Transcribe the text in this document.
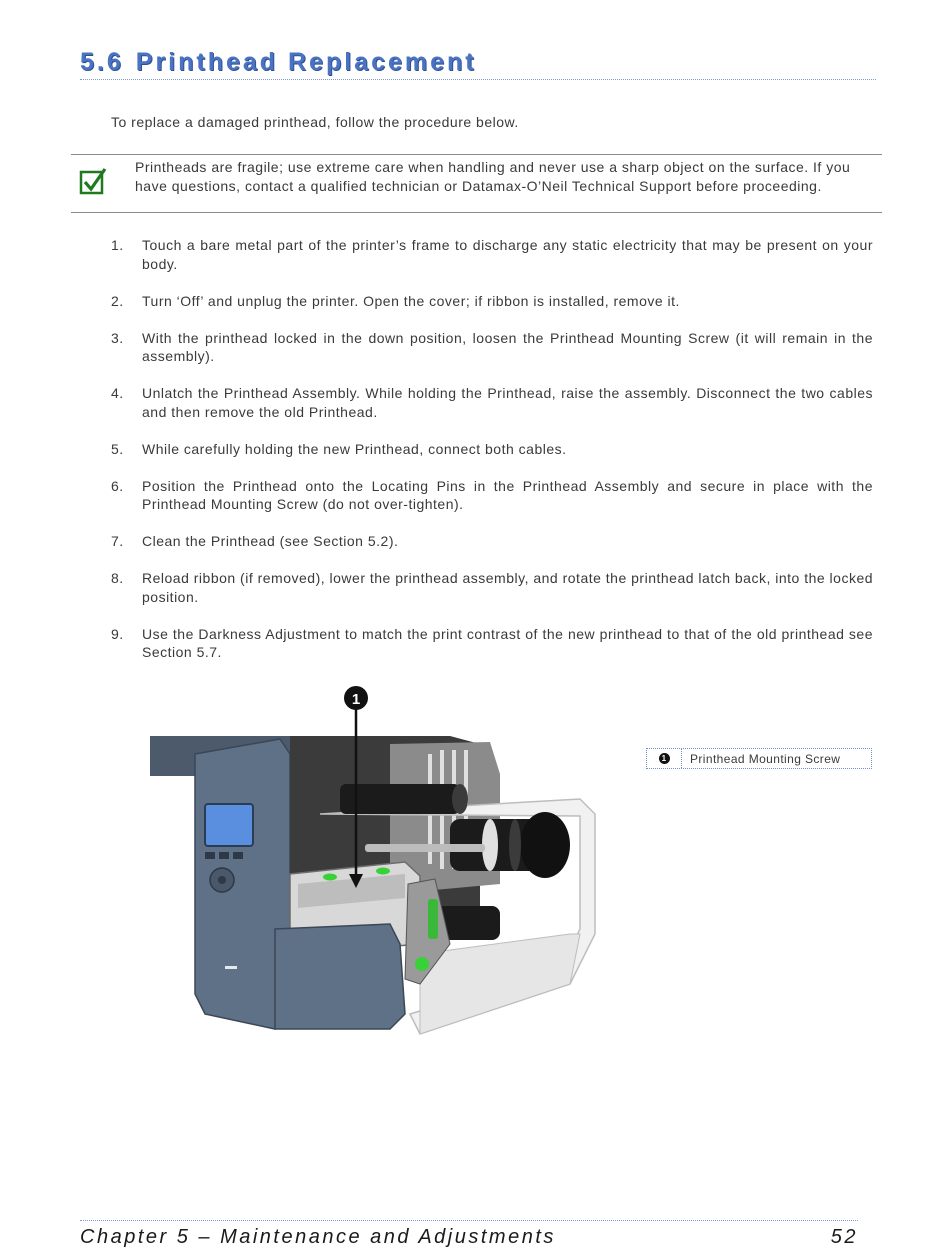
5.6 Printhead Replacement
To replace a damaged printhead, follow the procedure below.
Printheads are fragile; use extreme care when handling and never use a sharp object on the surface. If you have questions, contact a qualified technician or Datamax-O’Neil Technical Support before proceeding.
1. Touch a bare metal part of the printer’s frame to discharge any static electricity that may be present on your body.
2. Turn ‘Off’ and unplug the printer. Open the cover; if ribbon is installed, remove it.
3. With the printhead locked in the down position, loosen the Printhead Mounting Screw (it will remain in the assembly).
4. Unlatch the Printhead Assembly. While holding the Printhead, raise the assembly. Disconnect the two cables and then remove the old Printhead.
5. While carefully holding the new Printhead, connect both cables.
6. Position the Printhead onto the Locating Pins in the Printhead Assembly and secure in place with the Printhead Mounting Screw (do not over-tighten).
7. Clean the Printhead (see Section 5.2).
8. Reload ribbon (if removed), lower the printhead assembly, and rotate the printhead latch back, into the locked position.
9. Use the Darkness Adjustment to match the print contrast of the new printhead to that of the old printhead see Section 5.7.
1
1	Printhead Mounting Screw
Chapter 5 – Maintenance and Adjustments	52
